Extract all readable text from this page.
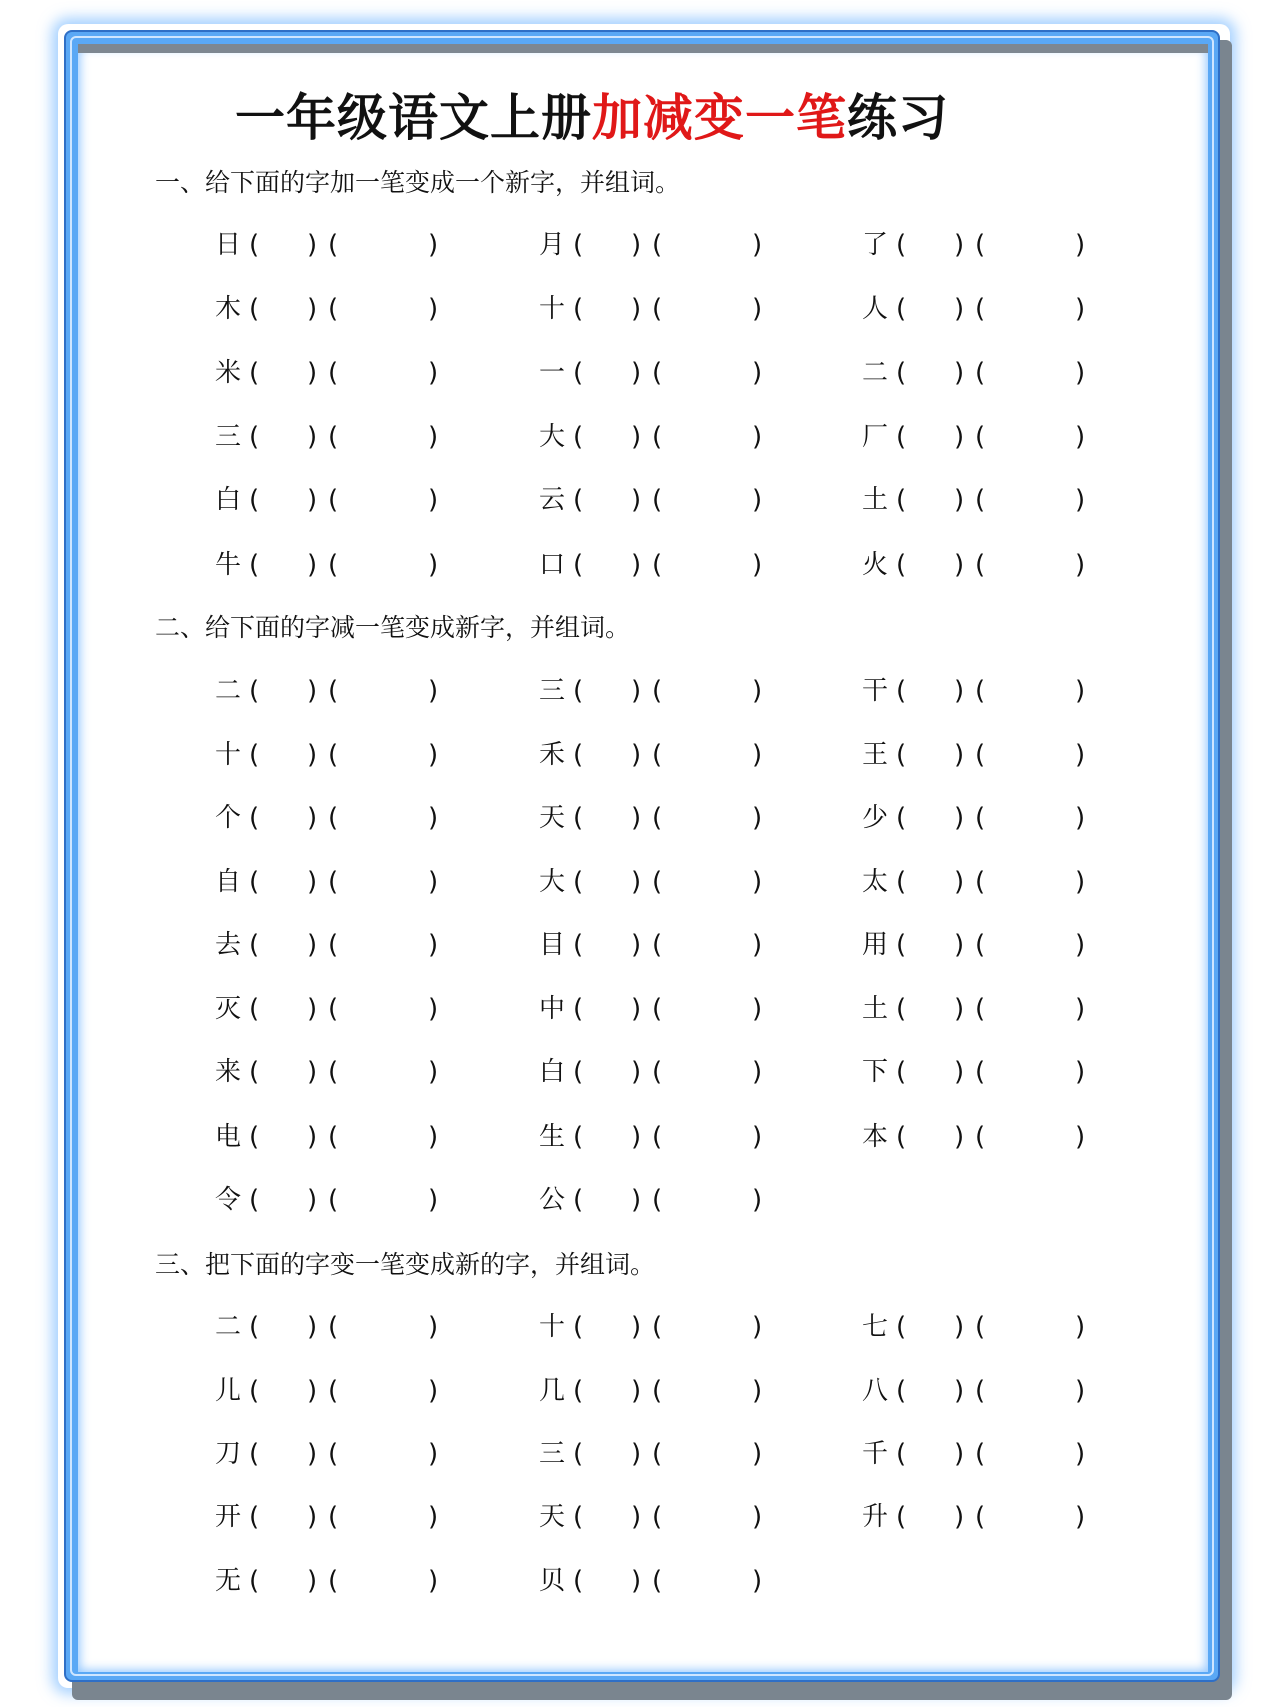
一年级语文上册加减变一笔练习
一、给下面的字加一笔变成一个新字，并组词。
二、给下面的字减一笔变成新字，并组词。
三、把下面的字变一笔变成新的字，并组词。
日 ( ) (	)	月 ( ) (	)	了 ( ) (	)
木 ( ) (	)	十 ( ) (	)	人 ( ) (	)
米 ( ) (	)	一 ( ) (	)	二 ( ) (	)
三 ( ) (	)	大 ( ) (	)	厂 ( ) (	)
白 ( ) (	)	云 ( ) (	)	土 ( ) (	)
牛 ( ) (	)	口 ( ) (	)	火 ( ) (	)
二 ( ) (	)	三 ( ) (	)	干 ( ) (	)
十 ( ) (	)	禾 ( ) (	)	王 ( ) (	)
个 ( ) (	)	天 ( ) (	)	少 ( ) (	)
自 ( ) (	)	大 ( ) (	)	太 ( ) (	)
去 ( ) (	)	目 ( ) (	)	用 ( ) (	)
灭 ( ) (	)	中 ( ) (	)	土 ( ) (	)
来 ( ) (	)	白 ( ) (	)	下 ( ) (	)
电 ( ) (	)	生 ( ) (	)	本 ( ) (	)
令 ( ) (	)	公 ( ) (	)
二 ( ) (	)	十 ( ) (	)	七 ( ) (	)
儿 ( ) (	)	几 ( ) (	)	八 ( ) (	)
刀 ( ) (	)	三 ( ) (	)	千 ( ) (	)
开 ( ) (	)	天 ( ) (	)	升 ( ) (	)
无 ( ) (	)	贝 ( ) (	)
